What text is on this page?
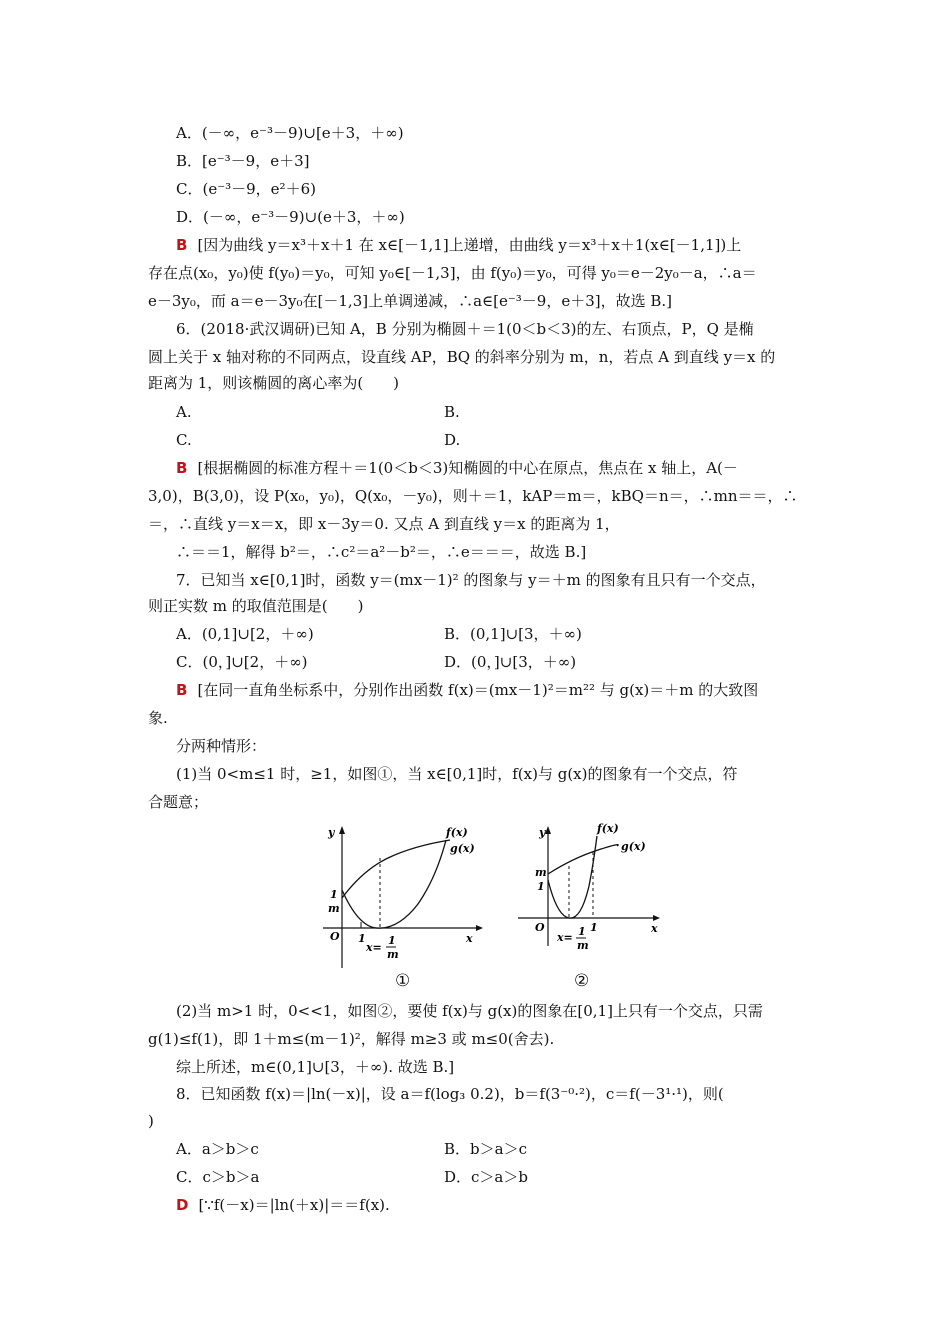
A．(－∞，e⁻³－9)∪[e＋3，＋∞)
B．[e⁻³－9，e＋3]
C．(e⁻³－9，e²＋6)
D．(－∞，e⁻³－9)∪(e＋3，＋∞)
B [因为曲线 y＝x³＋x＋1 在 x∈[－1,1]上递增，由曲线 y＝x³＋x＋1(x∈[－1,1])上
存在点(x₀，y₀)使 f(y₀)＝y₀，可知 y₀∈[－1,3]，由 f(y₀)＝y₀，可得 y₀＝e－2y₀－a，∴a＝
e－3y₀，而 a＝e－3y₀在[－1,3]上单调递减，∴a∈[e⁻³－9，e＋3]，故选 B.]
6．(2018·武汉调研)已知 A，B 分别为椭圆＋＝1(0＜b＜3)的左、右顶点，P，Q 是椭
圆上关于 x 轴对称的不同两点，设直线 AP，BQ 的斜率分别为 m，n，若点 A 到直线 y＝x 的
距离为 1，则该椭圆的离心率为(　　)
A.	B.
C.	D.
B [根据椭圆的标准方程＋＝1(0＜b＜3)知椭圆的中心在原点，焦点在 x 轴上，A(－
3,0)，B(3,0)，设 P(x₀，y₀)，Q(x₀，－y₀)，则＋＝1，kAP＝m＝，kBQ＝n＝，∴mn＝＝，∴
＝，∴直线 y＝x＝x，即 x－3y＝0. 又点 A 到直线 y＝x 的距离为 1，
∴＝＝1，解得 b²＝，∴c²＝a²－b²＝，∴e＝＝＝，故选 B.]
7．已知当 x∈[0,1]时，函数 y＝(mx－1)² 的图象与 y＝＋m 的图象有且只有一个交点，
则正实数 m 的取值范围是(　　)
A．(0,1]∪[2，＋∞)	B．(0,1]∪[3，＋∞)
C．(0，]∪[2，＋∞)	D．(0，]∪[3，＋∞)
B [在同一直角坐标系中，分别作出函数 f(x)＝(mx－1)²＝m²² 与 g(x)＝＋m 的大致图
象.
分两种情形：
(1)当 0<m≤1 时，≥1，如图①，当 x∈[0,1]时，f(x)与 g(x)的图象有一个交点，符
合题意；
y
x
O
1
m
1
x=
1
m
f(x)
g(x)
①
y
x
O
1
m
1
x= 1
m
f(x)
g(x)
②
(2)当 m>1 时，0<<1，如图②，要使 f(x)与 g(x)的图象在[0,1]上只有一个交点，只需
g(1)≤f(1)，即 1＋m≤(m－1)²，解得 m≥3 或 m≤0(舍去).
综上所述，m∈(0,1]∪[3，＋∞). 故选 B.]
8．已知函数 f(x)＝|ln(－x)|，设 a＝f(log₃ 0.2)，b＝f(3⁻⁰·²)，c＝f(－3¹·¹)，则(
)
A．a＞b＞c	B．b＞a＞c
C．c＞b＞a	D．c＞a＞b
D [∵f(－x)＝|ln(＋x)|＝＝f(x).
